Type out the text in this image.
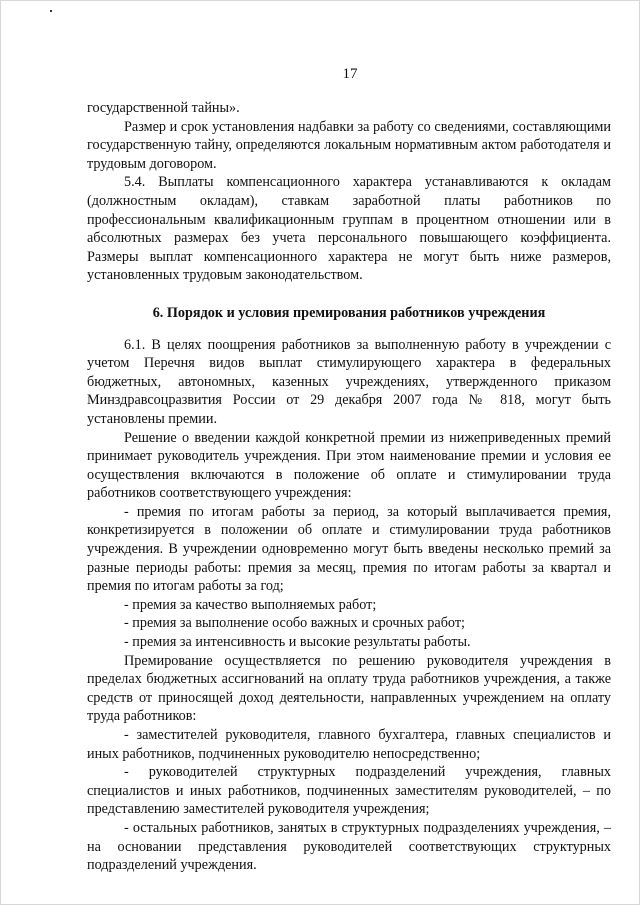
17

государственной тайны».

Размер и срок установления надбавки за работу со сведениями, составляющими государственную тайну, определяются локальным нормативным актом работодателя и трудовым договором.

5.4. Выплаты компенсационного характера устанавливаются к окладам (должностным окладам), ставкам заработной платы работников по профессиональным квалификационным группам в процентном отношении или в абсолютных размерах без учета персонального повышающего коэффициента. Размеры выплат компенсационного характера не могут быть ниже размеров, установленных трудовым законодательством.

6. Порядок и условия премирования работников учреждения

6.1. В целях поощрения работников за выполненную работу в учреждении с учетом Перечня видов выплат стимулирующего характера в федеральных бюджетных, автономных, казенных учреждениях, утвержденного приказом Минздравсоцразвития России от 29 декабря 2007 года № 818, могут быть установлены премии.

Решение о введении каждой конкретной премии из нижеприведенных премий принимает руководитель учреждения. При этом наименование премии и условия ее осуществления включаются в положение об оплате и стимулировании труда работников соответствующего учреждения:

- премия по итогам работы за период, за который выплачивается премия, конкретизируется в положении об оплате и стимулировании труда работников учреждения. В учреждении одновременно могут быть введены несколько премий за разные периоды работы: премия за месяц, премия по итогам работы за квартал и премия по итогам работы за год;

- премия за качество выполняемых работ;

- премия за выполнение особо важных и срочных работ;

- премия за интенсивность и высокие результаты работы.

Премирование осуществляется по решению руководителя учреждения в пределах бюджетных ассигнований на оплату труда работников учреждения, а также средств от приносящей доход деятельности, направленных учреждением на оплату труда работников:

- заместителей руководителя, главного бухгалтера, главных специалистов и иных работников, подчиненных руководителю непосредственно;

- руководителей структурных подразделений учреждения, главных специалистов и иных работников, подчиненных заместителям руководителей, – по представлению заместителей руководителя учреждения;

- остальных работников, занятых в структурных подразделениях учреждения, – на основании представления руководителей соответствующих структурных подразделений учреждения.
